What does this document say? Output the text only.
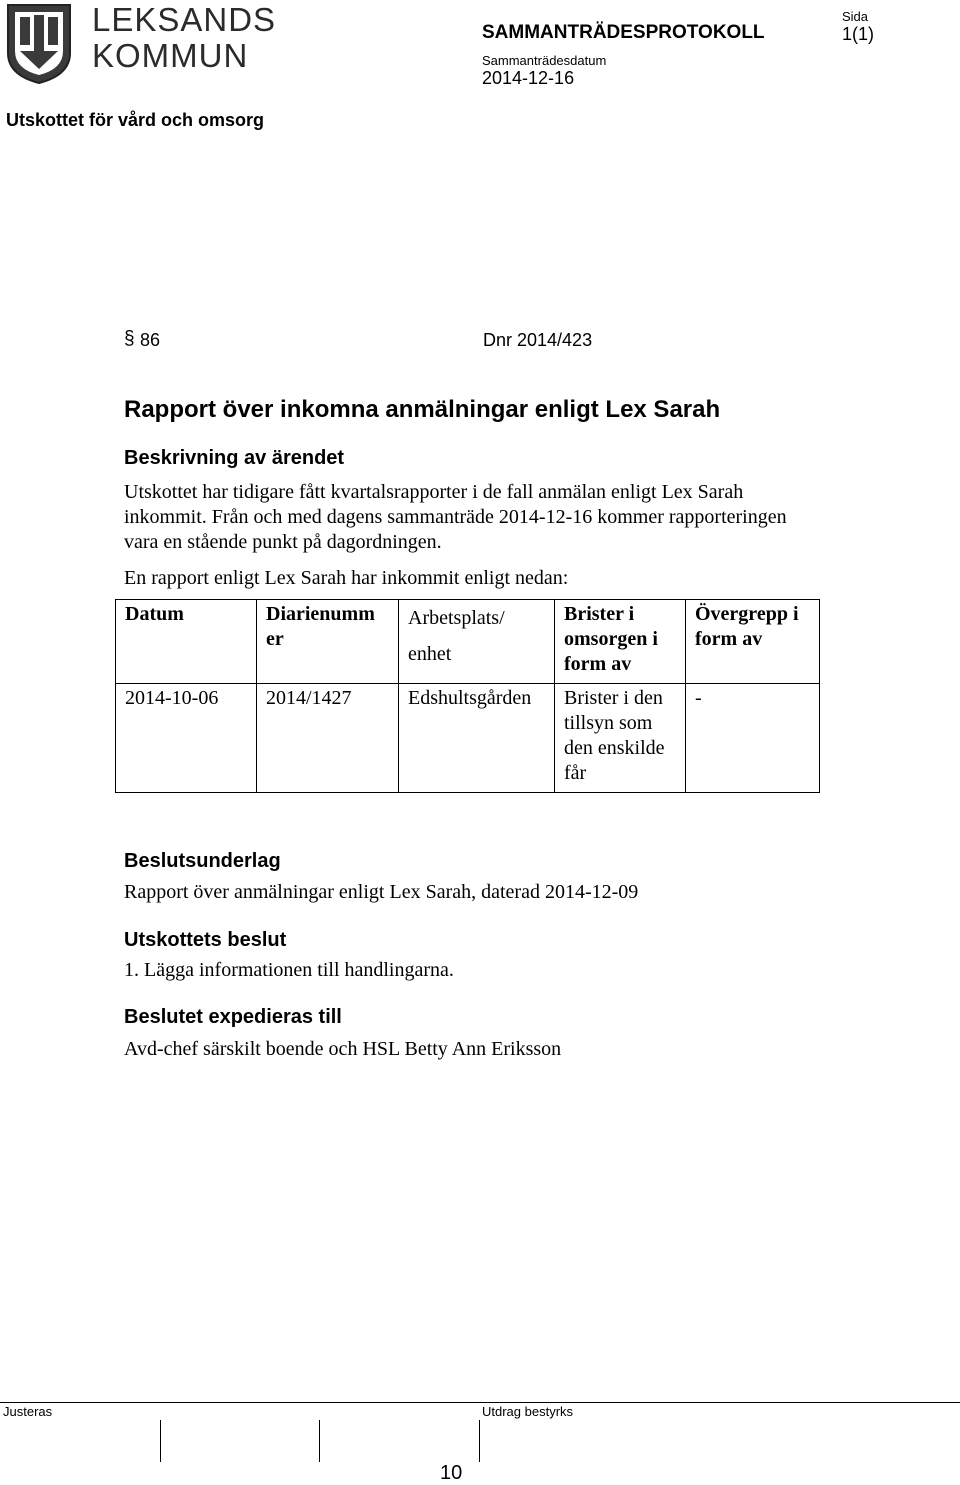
LEKSANDS
KOMMUN
SAMMANTRÄDESPROTOKOLL
Sida
1(1)
Sammanträdesdatum
2014-12-16
Utskottet för vård och omsorg
§ 86	Dnr 2014/423
Rapport över inkomna anmälningar enligt Lex Sarah
Beskrivning av ärendet
Utskottet har tidigare fått kvartalsrapporter i de fall anmälan enligt Lex Sarah inkommit. Från och med dagens sammanträde 2014-12-16 kommer rapporteringen vara en stående punkt på dagordningen.
En rapport enligt Lex Sarah har inkommit enligt nedan:
Datum	Diarienumm er	Arbetsplats/ enhet	Brister i omsorgen i form av	Övergrepp i form av
2014-10-06	2014/1427	Edshultsgården	Brister i den tillsyn som den enskilde får	-
Beslutsunderlag
Rapport över anmälningar enligt Lex Sarah, daterad 2014-12-09
Utskottets beslut
1. Lägga informationen till handlingarna.
Beslutet expedieras till
Avd-chef särskilt boende och HSL Betty Ann Eriksson
Justeras	Utdrag bestyrks
10
